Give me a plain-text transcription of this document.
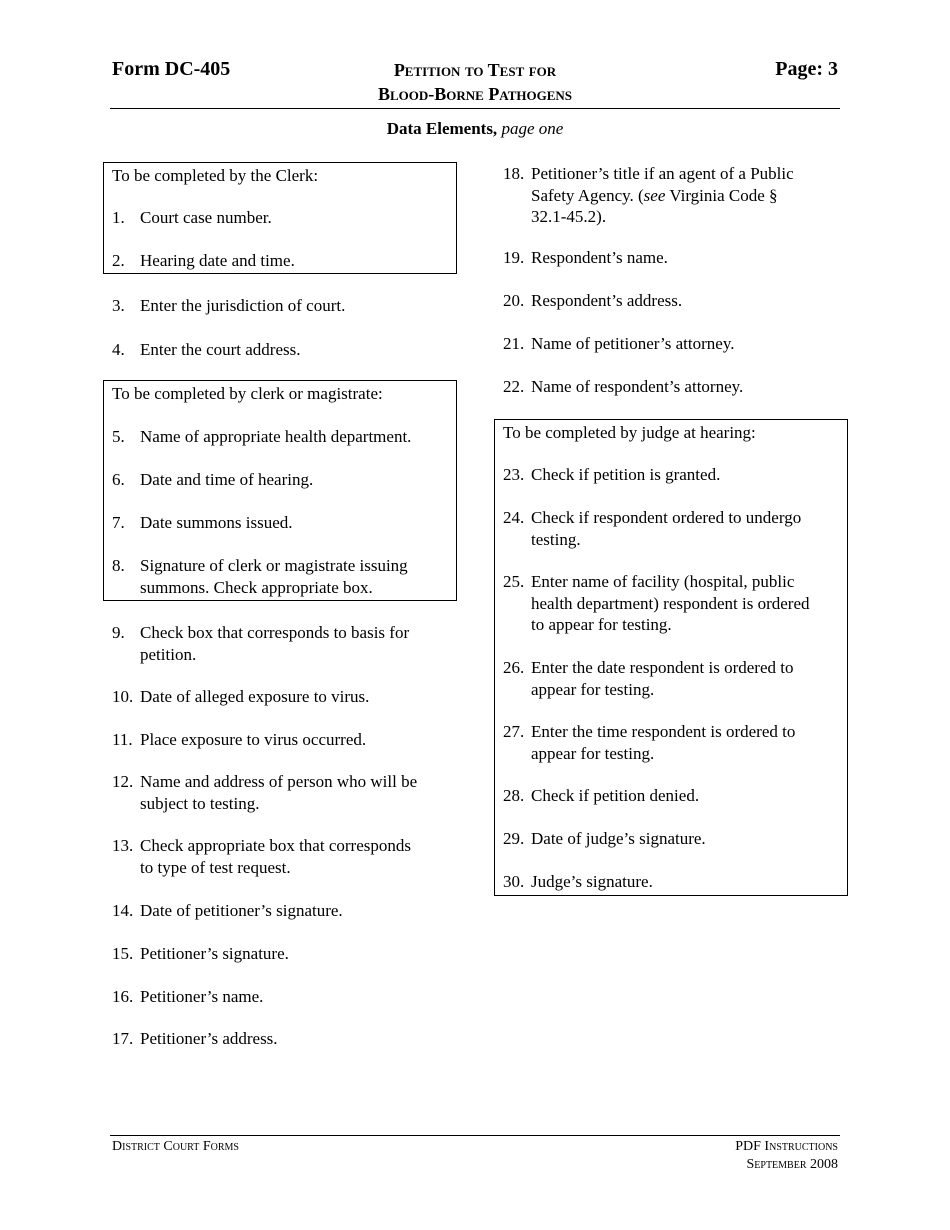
Form DC-405	Petition to Test for
Blood-Borne Pathogens
Page: 3
Data Elements, page one
To be completed by the Clerk:
To be completed by clerk or magistrate:
To be completed by judge at hearing:
1. Court case number.
2. Hearing date and time.
3. Enter the jurisdiction of court.
4. Enter the court address.
5. Name of appropriate health department.
6. Date and time of hearing.
7. Date summons issued.
8. Signature of clerk or magistrate issuing
summons. Check appropriate box.
9. Check box that corresponds to basis for
petition.
10. Date of alleged exposure to virus.
11. Place exposure to virus occurred.
12. Name and address of person who will be
subject to testing.
13. Check appropriate box that corresponds
to type of test request.
14. Date of petitioner’s signature.
15. Petitioner’s signature.
16. Petitioner’s name.
17. Petitioner’s address.
18. Petitioner’s title if an agent of a Public
Safety Agency. (see Virginia Code §
32.1-45.2).
19. Respondent’s name.
20. Respondent’s address.
21. Name of petitioner’s attorney.
22. Name of respondent’s attorney.
23. Check if petition is granted.
24. Check if respondent ordered to undergo
testing.
25. Enter name of facility (hospital, public
health department) respondent is ordered
to appear for testing.
26. Enter the date respondent is ordered to
appear for testing.
27. Enter the time respondent is ordered to
appear for testing.
28. Check if petition denied.
29. Date of judge’s signature.
30. Judge’s signature.
District Court Forms	PDF Instructions
September 2008
